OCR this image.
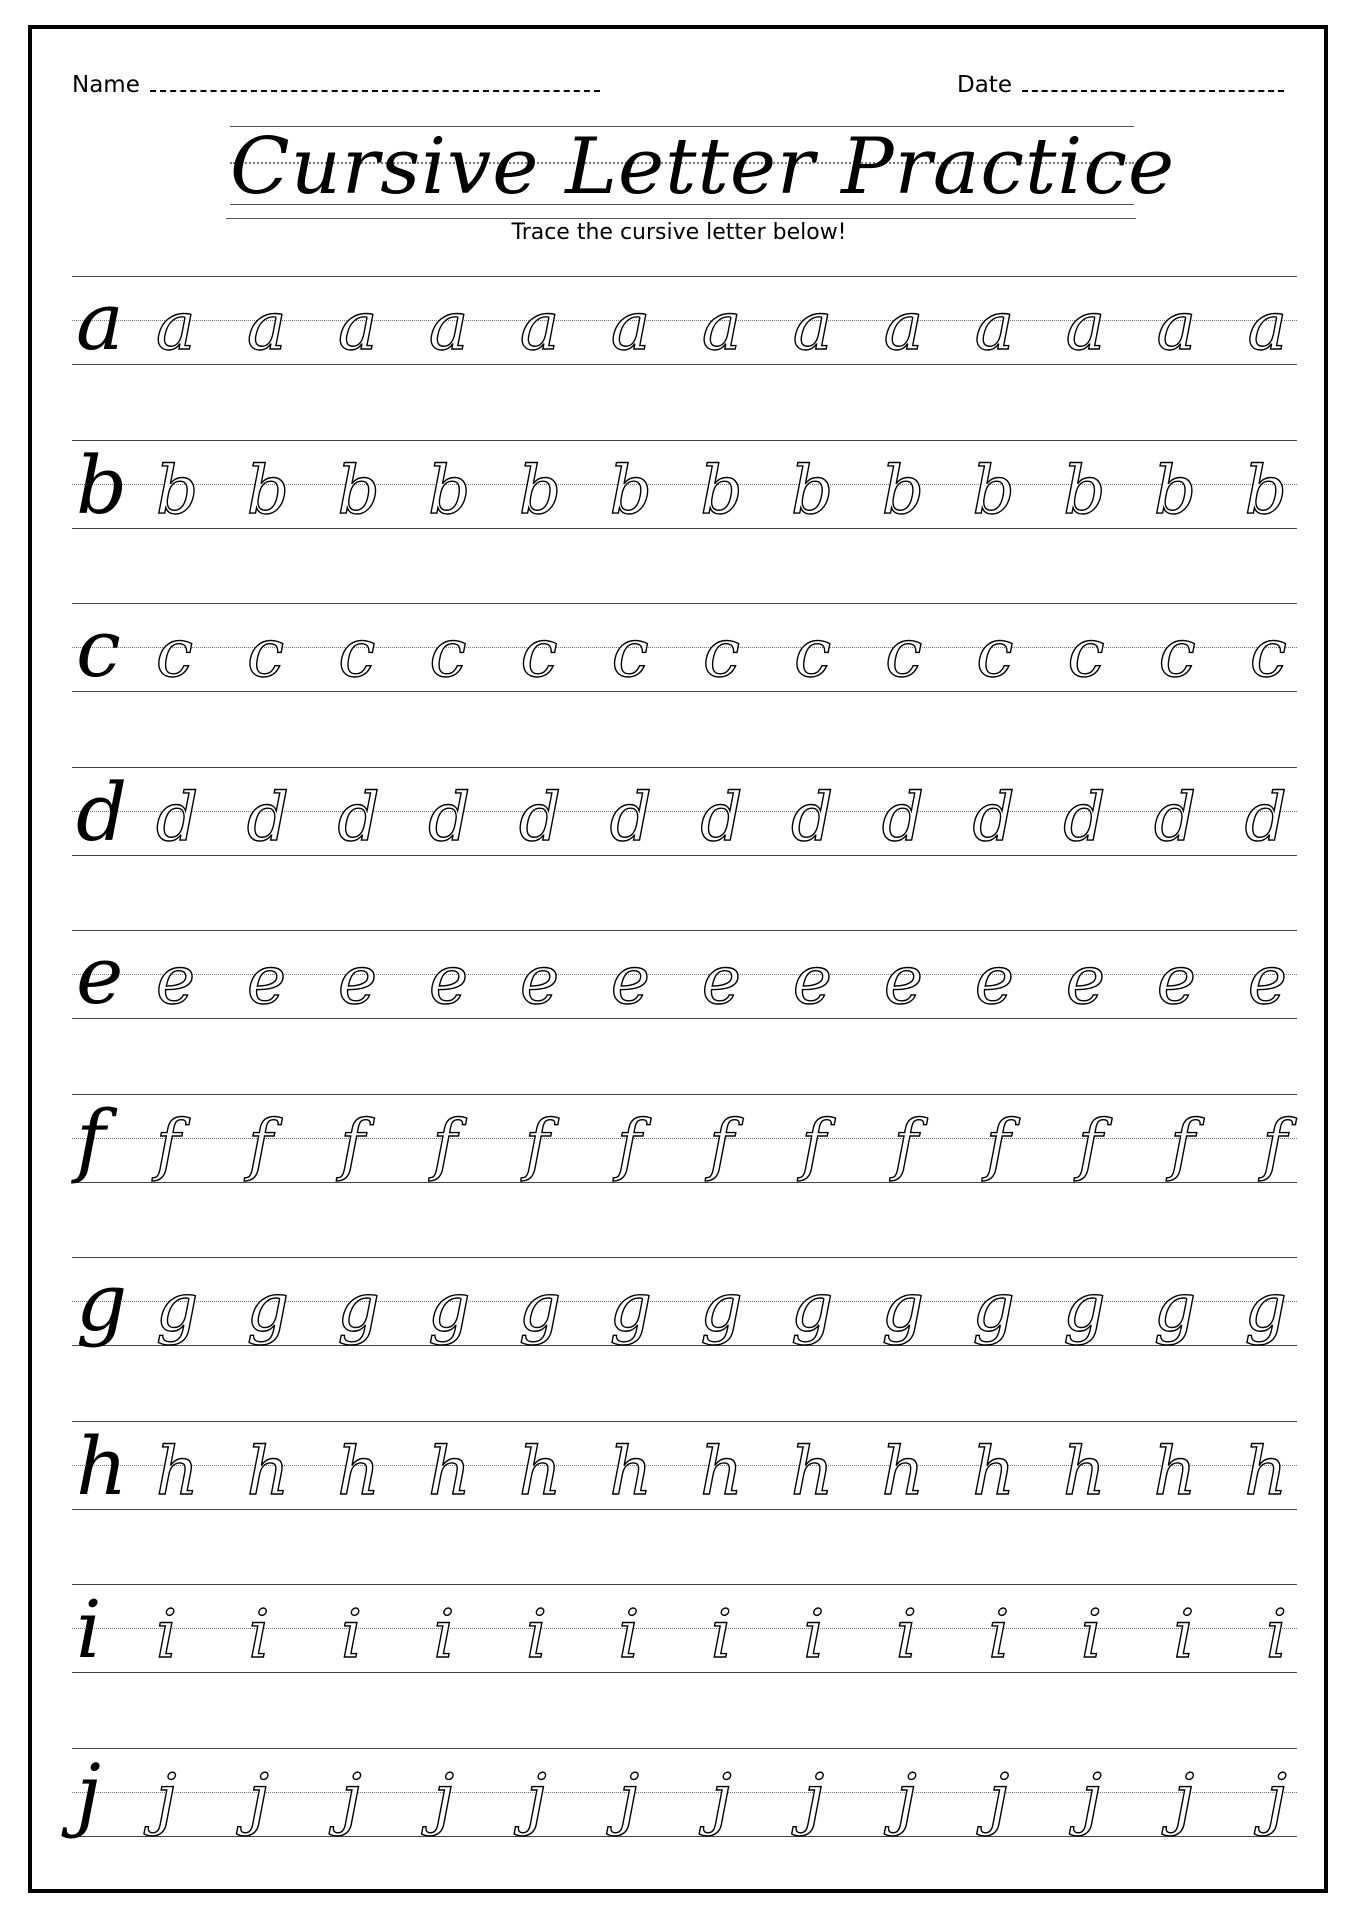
Name	Date
Cursive Letter Practice
Trace the cursive letter below!
a a a a a a a a a a a a a a
b b b b b b b b b b b b b b
c c c c c c c c c c c c c c
d d d d d d d d d d d d d d
e e e e e e e e e e e e e e
f f f f f f f f f f f f f f
g g g g g g g g g g g g g g
h h h h h h h h h h h h h h
i i i i i i i i i i i i i i
j j j j j j j j j j j j j j
